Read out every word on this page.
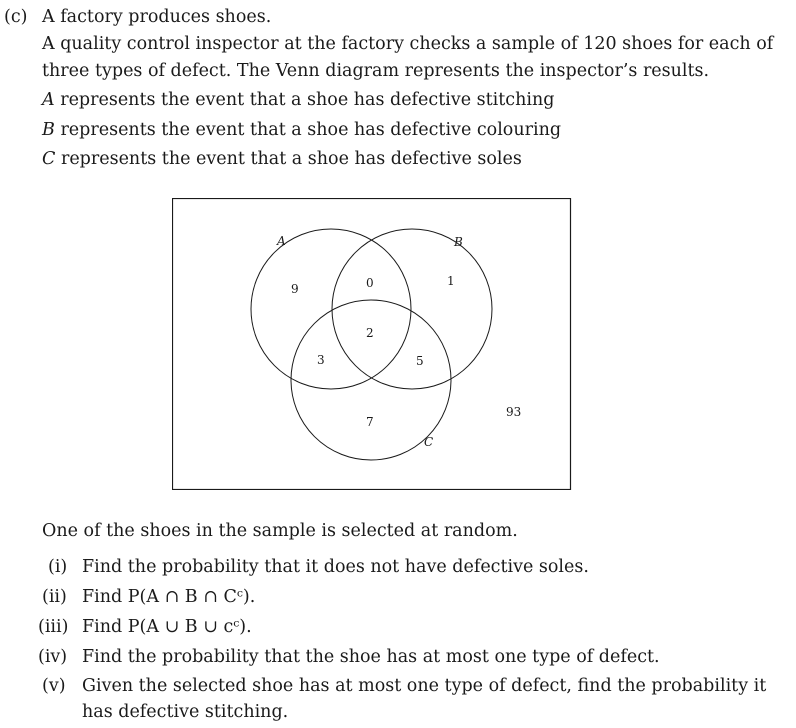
(c) A factory produces shoes.
A quality control inspector at the factory checks a sample of 120 shoes for each of
three types of defect. The Venn diagram represents the inspector’s results.
A represents the event that a shoe has defective stitching
B represents the event that a shoe has defective colouring
C represents the event that a shoe has defective soles
A	B
C
9	0	1
2
3	5
7
93
One of the shoes in the sample is selected at random.
(i) Find the probability that it does not have defective soles.
(ii) Find P(A ∩ B ∩ Cᶜ).
(iii) Find P(A ∪ B ∪ cᶜ).
(iv) Find the probability that the shoe has at most one type of defect.
(v) Given the selected shoe has at most one type of defect, find the probability it
has defective stitching.
